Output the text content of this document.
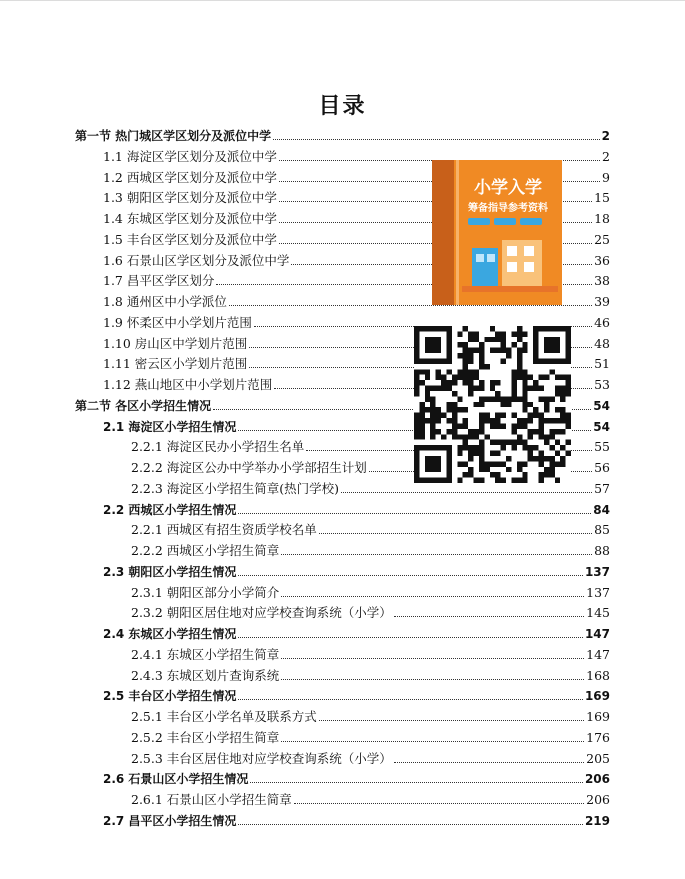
目录
第一节 热门城区学区划分及派位中学	2
1.1 海淀区学区划分及派位中学	2
1.2 西城区学区划分及派位中学	9
1.3 朝阳区学区划分及派位中学	15
1.4 东城区学区划分及派位中学	18
1.5 丰台区学区划分及派位中学	25
1.6 石景山区学区划分及派位中学	36
1.7 昌平区学区划分	38
1.8 通州区中小学派位	39
1.9 怀柔区中小学划片范围	46
1.10 房山区中学划片范围	48
1.11 密云区小学划片范围	51
1.12 燕山地区中小学划片范围	53
第二节 各区小学招生情况	54
2.1 海淀区小学招生情况	54
2.2.1 海淀区民办小学招生名单	55
2.2.2 海淀区公办中学举办小学部招生计划	56
2.2.3 海淀区小学招生简章(热门学校)	57
2.2 西城区小学招生情况	84
2.2.1 西城区有招生资质学校名单	85
2.2.2 西城区小学招生简章	88
2.3 朝阳区小学招生情况	137
2.3.1 朝阳区部分小学简介	137
2.3.2 朝阳区居住地对应学校查询系统（小学）	145
2.4 东城区小学招生情况	147
2.4.1 东城区小学招生简章	147
2.4.3 东城区划片查询系统	168
2.5 丰台区小学招生情况	169
2.5.1 丰台区小学名单及联系方式	169
2.5.2 丰台区小学招生简章	176
2.5.3 丰台区居住地对应学校查询系统（小学）	205
2.6 石景山区小学招生情况	206
2.6.1 石景山区小学招生简章	206
2.7 昌平区小学招生情况	219
小学入学
筹备指导参考资料
